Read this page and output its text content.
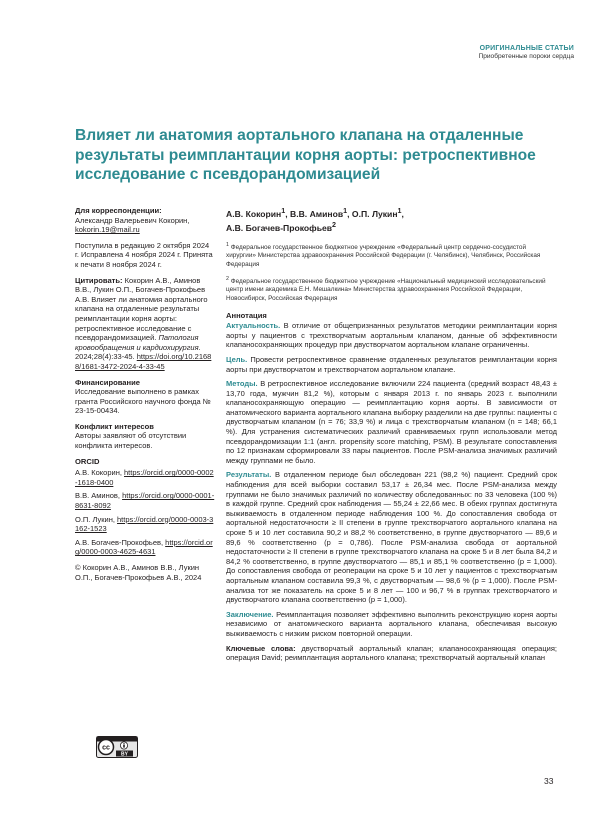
ОРИГИНАЛЬНЫЕ СТАТЬИ
Приобретенные пороки сердца
Влияет ли анатомия аортального клапана на отдаленные результаты реимплантации корня аорты: ретроспективное исследование с псевдорандомизацией
Для корреспонденции:
Александр Валерьевич Кокорин,
kokorin.19@mail.ru
Поступила в редакцию 2 октября 2024 г. Исправлена 4 ноября 2024 г. Принята к печати 8 ноября 2024 г.
Цитировать: Кокорин А.В., Аминов В.В., Лукин О.П., Богачев-Прокофьев А.В. Влияет ли анатомия аортального клапана на отдаленные результаты реимплантации корня аорты: ретроспективное исследование с псевдорандомизацией. Патология кровообращения и кардиохирургия. 2024;28(4):33-45. https://doi.org/10.21688/1681-3472-2024-4-33-45
Финансирование
Исследование выполнено в рамках гранта Российского научного фонда № 23-15-00434.
Конфликт интересов
Авторы заявляют об отсутствии конфликта интересов.
ORCID
А.В. Кокорин, https://orcid.org/0000-0002-1618-0400
В.В. Аминов, https://orcid.org/0000-0001-8631-8092
О.П. Лукин, https://orcid.org/0000-0003-3162-1523
А.В. Богачев-Прокофьев, https://orcid.org/0000-0003-4625-4631
© Кокорин А.В., Аминов В.В., Лукин О.П., Богачев-Прокофьев А.В., 2024
cc
BY
А.В. Кокорин$^1$, В.В. Аминов$^1$, О.П. Лукин$^1$,
А.В. Богачев-Прокофьев$^2$
$^1$ Федеральное государственное бюджетное учреждение «Федеральный центр сердечно-сосудистой хирургии» Министерства здравоохранения Российской Федерации (г. Челябинск), Челябинск, Российская Федерация
$^2$ Федеральное государственное бюджетное учреждение «Национальный медицинский исследовательский центр имени академика Е.Н. Мешалкина» Министерства здравоохранения Российской Федерации, Новосибирск, Российская Федерация
Аннотация

Актуальность. В отличие от общепризнанных результатов методики реимплантации корня аорты у пациентов с трехстворчатым аортальным клапаном, данные об эффективности клапаносохраняющих процедур при двустворчатом аортальном клапане ограниченны.

Цель. Провести ретроспективное сравнение отдаленных результатов реимплантации корня аорты при двустворчатом и трехстворчатом аортальном клапане.

Методы. В ретроспективное исследование включили 224 пациента (средний возраст 48,43 ± 13,70 года, мужчин 81,2 %), которым с января 2013 г. по январь 2023 г. выполнили клапаносохраняющую операцию — реимплантацию корня аорты. В зависимости от анатомического варианта аортального клапана выборку разделили на две группы: пациенты с двустворчатым клапаном (n = 76; 33,9 %) и лица с трехстворчатым клапаном (n = 148; 66,1 %). Для устранения систематических различий сравниваемых групп использовали метод псевдорандомизации 1:1 (англ. propensity score matching, PSM). В результате сопоставления по 12 признакам сформировали 33 пары пациентов. После PSM-анализа значимых различий между группами не было.

Результаты. В отдаленном периоде был обследован 221 (98,2 %) пациент. Средний срок наблюдения для всей выборки составил 53,17 ± 26,34 мес. После PSM-анализа между группами не было значимых различий по количеству обследованных: по 33 человека (100 %) в каждой группе. Средний срок наблюдения — 55,24 ± 22,66 мес. В обеих группах достигнута выживаемость в отдаленном периоде наблюдения 100 %. До сопоставления свобода от аортальной недостаточности ≥ II степени в группе трехстворчатого аортального клапана на сроке 5 и 10 лет составила 90,2 и 88,2 % соответственно, в группе двустворчатого — 89,6 и 89,6 % соответственно (p = 0,786). После PSM-анализа свобода от аортальной недостаточности ≥ II степени в группе трехстворчатого клапана на сроке 5 и 8 лет была 84,2 и 84,2 % соответственно, в группе двустворчатого — 85,1 и 85,1 % соответственно (p = 1,000). До сопоставления свобода от реоперации на сроке 5 и 10 лет у пациентов с трехстворчатым аортальным клапаном составила 99,3 %, с двустворчатым — 98,6 % (p = 1,000). После PSM-анализа тот же показатель на сроке 5 и 8 лет — 100 и 96,7 % в группах трехстворчатого и двустворчатого клапана соответственно (p = 1,000).

Заключение. Реимплантация позволяет эффективно выполнить реконструкцию корня аорты независимо от анатомического варианта аортального клапана, обеспечивая высокую выживаемость с низким риском повторной операции.

Ключевые слова: двустворчатый аортальный клапан; клапаносохраняющая операция; операция David; реимплантация аортального клапана; трехстворчатый аортальный клапан

33
